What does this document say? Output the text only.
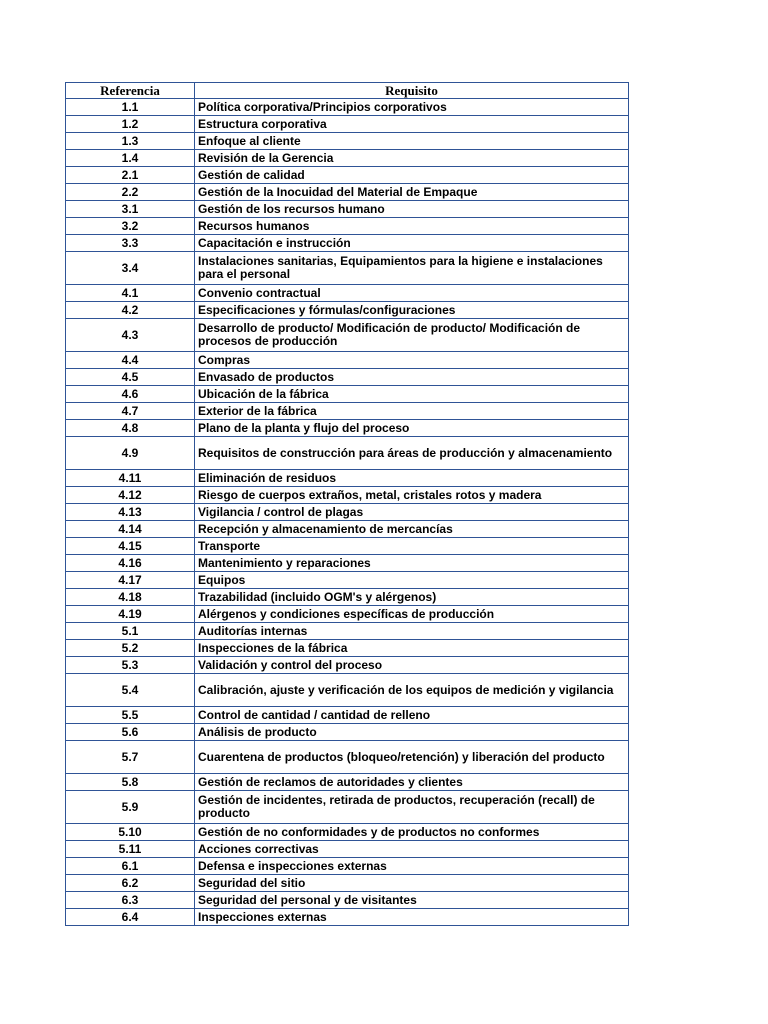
Referencia	Requisito
1.1	Política corporativa/Principios corporativos
1.2	Estructura corporativa
1.3	Enfoque al cliente
1.4	Revisión de la Gerencia
2.1	Gestión de calidad
2.2	Gestión de la Inocuidad del Material de Empaque
3.1	Gestión de los recursos humano
3.2	Recursos humanos
3.3	Capacitación e instrucción
3.4	Instalaciones sanitarias, Equipamientos para la higiene e instalaciones para el personal
4.1	Convenio contractual
4.2	Especificaciones y fórmulas/configuraciones
4.3	Desarrollo de producto/ Modificación de producto/ Modificación de procesos de producción
4.4	Compras
4.5	Envasado de productos
4.6	Ubicación de la fábrica
4.7	Exterior de la fábrica
4.8	Plano de la planta y flujo del proceso
4.9	Requisitos de construcción para áreas de producción y almacenamiento
4.11	Eliminación de residuos
4.12	Riesgo de cuerpos extraños, metal, cristales rotos y madera
4.13	Vigilancia / control de plagas
4.14	Recepción y almacenamiento de mercancías
4.15	Transporte
4.16	Mantenimiento y reparaciones
4.17	Equipos
4.18	Trazabilidad (incluido OGM's y alérgenos)
4.19	Alérgenos y condiciones específicas de producción
5.1	Auditorías internas
5.2	Inspecciones de la fábrica
5.3	Validación y control del proceso
5.4	Calibración, ajuste y verificación de los equipos de medición y vigilancia
5.5	Control de cantidad / cantidad de relleno
5.6	Análisis de producto
5.7	Cuarentena de productos (bloqueo/retención) y liberación del producto
5.8	Gestión de reclamos de autoridades y clientes
5.9	Gestión de incidentes, retirada de productos, recuperación (recall) de producto
5.10	Gestión de no conformidades y de productos no conformes
5.11	Acciones correctivas
6.1	Defensa e inspecciones externas
6.2	Seguridad del sitio
6.3	Seguridad del personal y de visitantes
6.4	Inspecciones externas
